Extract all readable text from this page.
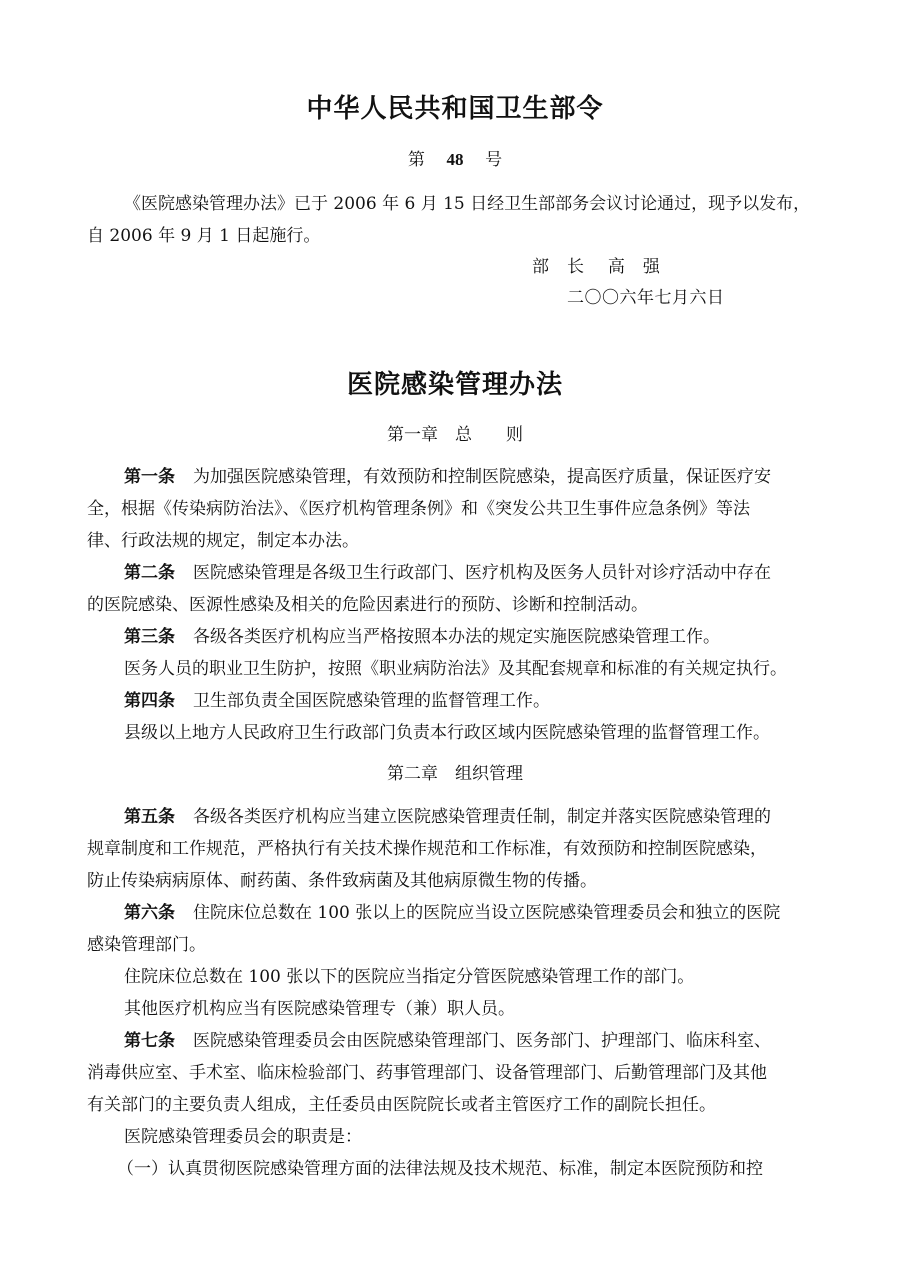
中华人民共和国卫生部令
第 48 号
《医院感染管理办法》已于 2006 年 6 月 15 日经卫生部部务会议讨论通过，现予以发布，
自 2006 年 9 月 1 日起施行。
部　长　 高　强
二〇〇六年七月六日
医院感染管理办法
第一章　总　　则
第一条 为加强医院感染管理，有效预防和控制医院感染，提高医疗质量，保证医疗安
全，根据《传染病防治法》、《医疗机构管理条例》和《突发公共卫生事件应急条例》等法
律、行政法规的规定，制定本办法。
第二条 医院感染管理是各级卫生行政部门、医疗机构及医务人员针对诊疗活动中存在
的医院感染、医源性感染及相关的危险因素进行的预防、诊断和控制活动。
第三条 各级各类医疗机构应当严格按照本办法的规定实施医院感染管理工作。
医务人员的职业卫生防护，按照《职业病防治法》及其配套规章和标准的有关规定执行。
第四条 卫生部负责全国医院感染管理的监督管理工作。
县级以上地方人民政府卫生行政部门负责本行政区域内医院感染管理的监督管理工作。
第二章　组织管理
第五条 各级各类医疗机构应当建立医院感染管理责任制，制定并落实医院感染管理的
规章制度和工作规范，严格执行有关技术操作规范和工作标准，有效预防和控制医院感染，
防止传染病病原体、耐药菌、条件致病菌及其他病原微生物的传播。
第六条 住院床位总数在 100 张以上的医院应当设立医院感染管理委员会和独立的医院
感染管理部门。
住院床位总数在 100 张以下的医院应当指定分管医院感染管理工作的部门。
其他医疗机构应当有医院感染管理专（兼）职人员。
第七条 医院感染管理委员会由医院感染管理部门、医务部门、护理部门、临床科室、
消毒供应室、手术室、临床检验部门、药事管理部门、设备管理部门、后勤管理部门及其他
有关部门的主要负责人组成，主任委员由医院院长或者主管医疗工作的副院长担任。
医院感染管理委员会的职责是：
（一）认真贯彻医院感染管理方面的法律法规及技术规范、标准，制定本医院预防和控
